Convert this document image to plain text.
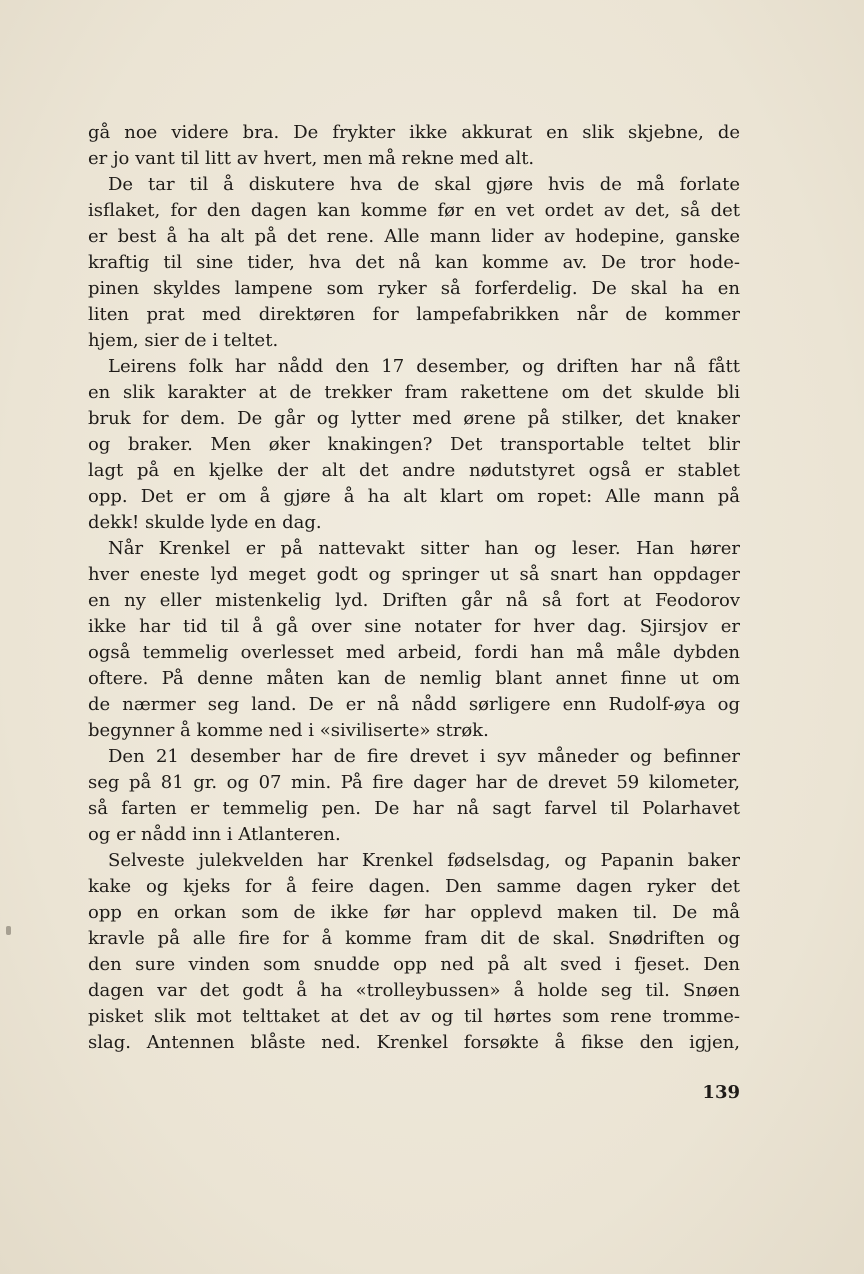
gå noe videre bra. De frykter ikke akkurat en slik skjebne, de
er jo vant til litt av hvert, men må rekne med alt.
De tar til å diskutere hva de skal gjøre hvis de må forlate
isflaket, for den dagen kan komme før en vet ordet av det, så det
er best å ha alt på det rene. Alle mann lider av hodepine, ganske
kraftig til sine tider, hva det nå kan komme av. De tror hode-
pinen skyldes lampene som ryker så forferdelig. De skal ha en
liten prat med direktøren for lampefabrikken når de kommer
hjem, sier de i teltet.
Leirens folk har nådd den 17 desember, og driften har nå fått
en slik karakter at de trekker fram rakettene om det skulde bli
bruk for dem. De går og lytter med ørene på stilker, det knaker
og braker. Men øker knakingen? Det transportable teltet blir
lagt på en kjelke der alt det andre nødutstyret også er stablet
opp. Det er om å gjøre å ha alt klart om ropet: Alle mann på
dekk! skulde lyde en dag.
Når Krenkel er på nattevakt sitter han og leser. Han hører
hver eneste lyd meget godt og springer ut så snart han oppdager
en ny eller mistenkelig lyd. Driften går nå så fort at Feodorov
ikke har tid til å gå over sine notater for hver dag. Sjirsjov er
også temmelig overlesset med arbeid, fordi han må måle dybden
oftere. På denne måten kan de nemlig blant annet finne ut om
de nærmer seg land. De er nå nådd sørligere enn Rudolf-øya og
begynner å komme ned i «siviliserte» strøk.
Den 21 desember har de fire drevet i syv måneder og befinner
seg på 81 gr. og 07 min. På fire dager har de drevet 59 kilometer,
så farten er temmelig pen. De har nå sagt farvel til Polarhavet
og er nådd inn i Atlanteren.
Selveste julekvelden har Krenkel fødselsdag, og Papanin baker
kake og kjeks for å feire dagen. Den samme dagen ryker det
opp en orkan som de ikke før har opplevd maken til. De må
kravle på alle fire for å komme fram dit de skal. Snødriften og
den sure vinden som snudde opp ned på alt sved i fjeset. Den
dagen var det godt å ha «trolleybussen» å holde seg til. Snøen
pisket slik mot telttaket at det av og til hørtes som rene tromme-
slag. Antennen blåste ned. Krenkel forsøkte å fikse den igjen,
139
